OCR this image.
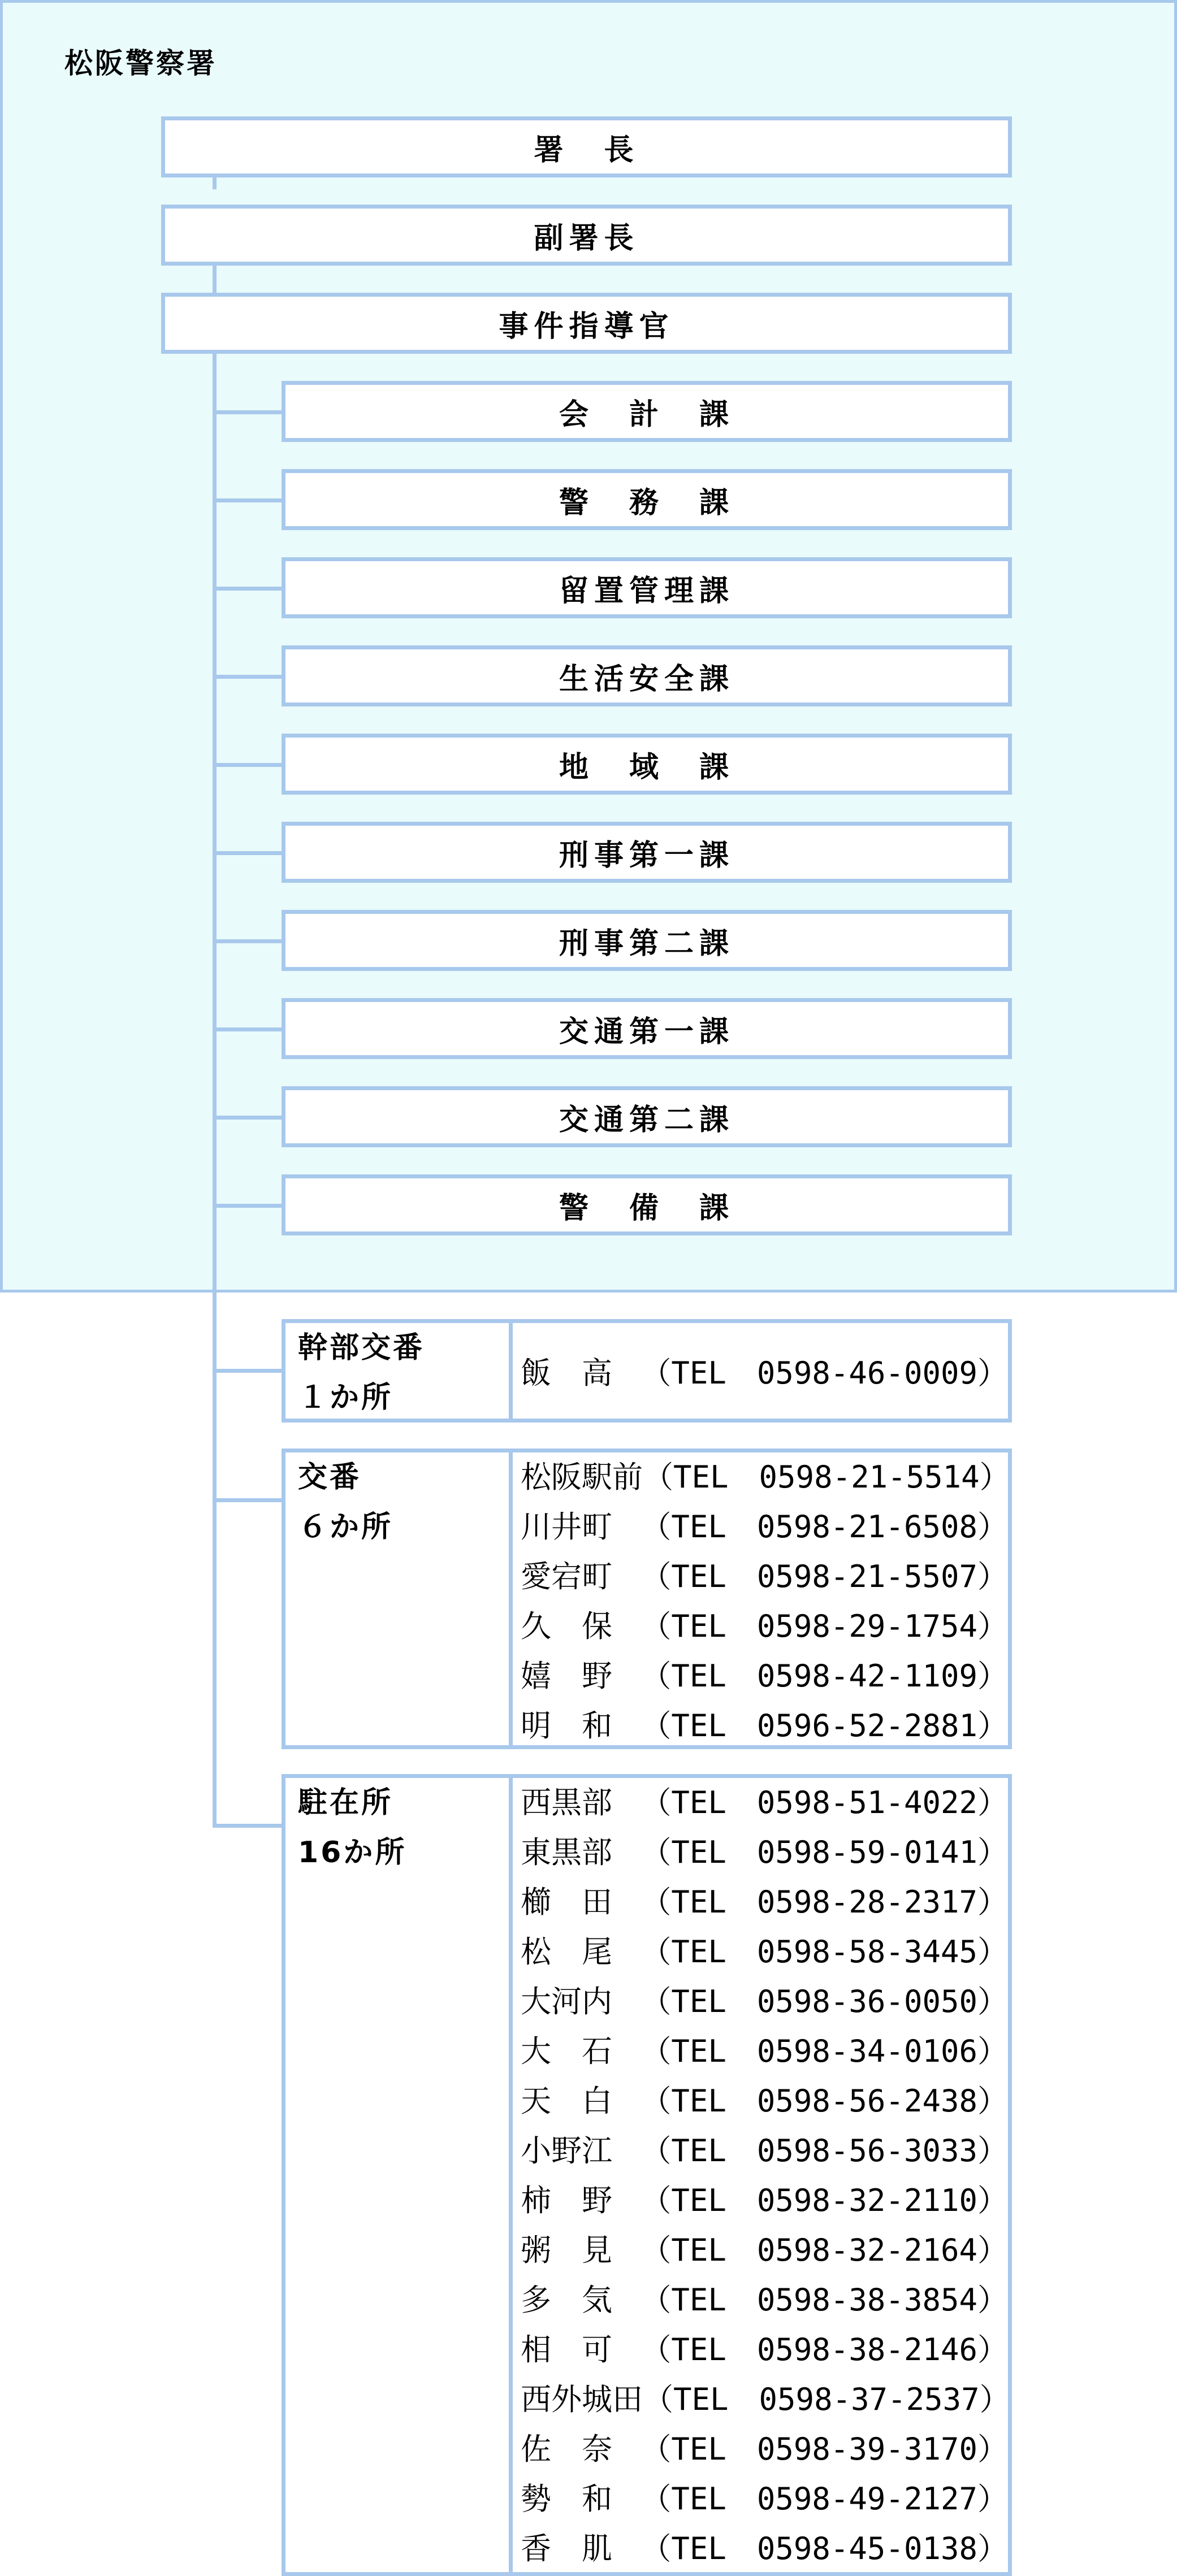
松阪警察署
署　長
副署長
事件指導官
会　計　課
警　務　課
留置管理課
生活安全課
地　域　課
刑事第一課
刑事第二課
交通第一課
交通第二課
警　備　課
幹部交番
１か所
飯　高 （TEL　0598-46-0009）
交番
６か所
松阪駅前 （TEL　0598-21-5514）
川井町 （TEL　0598-21-6508）
愛宕町 （TEL　0598-21-5507）
久　保 （TEL　0598-29-1754）
嬉　野 （TEL　0598-42-1109）
明　和 （TEL　0596-52-2881）
駐在所
16か所
西黒部 （TEL　0598-51-4022）
東黒部 （TEL　0598-59-0141）
櫛　田 （TEL　0598-28-2317）
松　尾 （TEL　0598-58-3445）
大河内 （TEL　0598-36-0050）
大　石 （TEL　0598-34-0106）
天　白 （TEL　0598-56-2438）
小野江 （TEL　0598-56-3033）
柿　野 （TEL　0598-32-2110）
粥　見 （TEL　0598-32-2164）
多　気 （TEL　0598-38-3854）
相　可 （TEL　0598-38-2146）
西外城田 （TEL　0598-37-2537）
佐　奈 （TEL　0598-39-3170）
勢　和 （TEL　0598-49-2127）
香　肌 （TEL　0598-45-0138）
